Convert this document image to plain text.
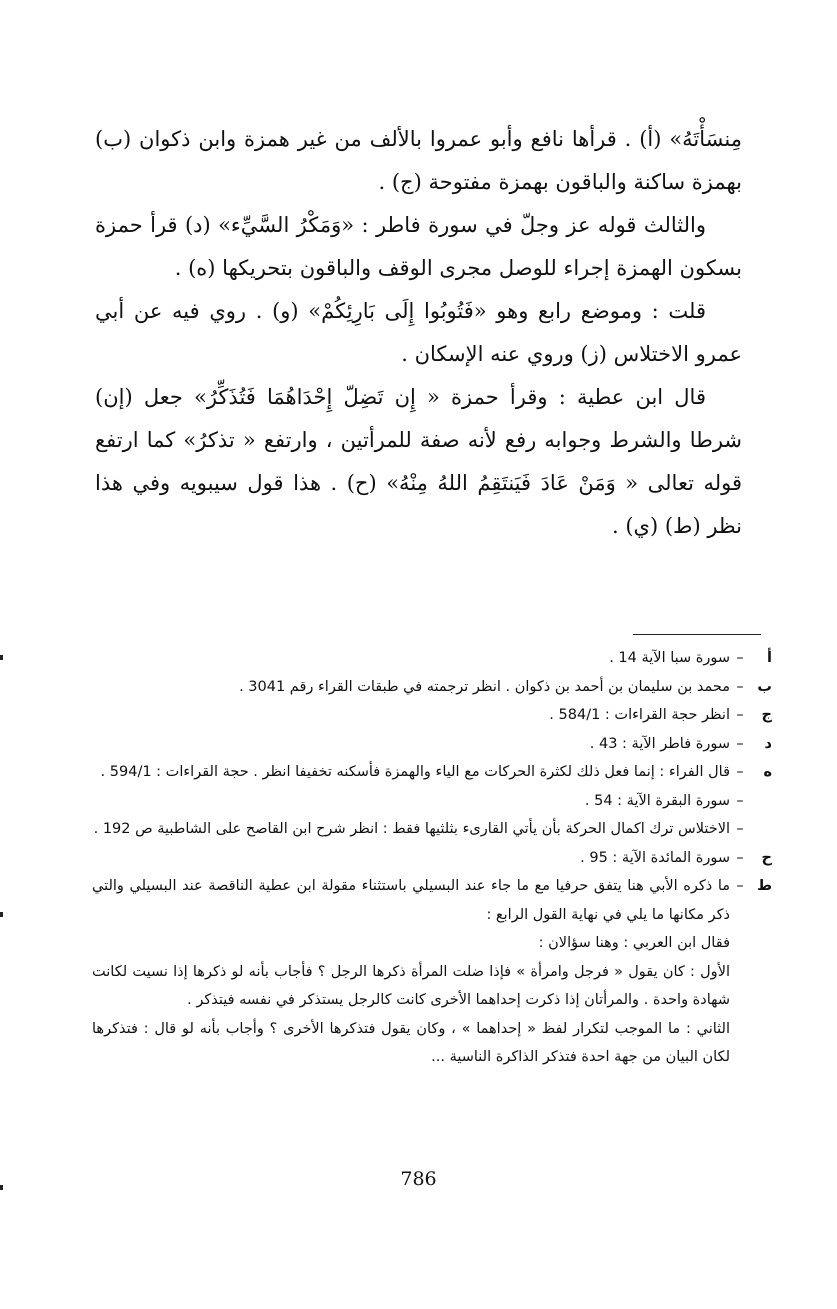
مِنسَأْتَهُ» (أ) . قرأها نافع وأبو عمروا بالألف من غير همزة وابن ذكوان (ب) بهمزة ساكنة والباقون بهمزة مفتوحة (ج) .

والثالث قوله عز وجلّ في سورة فاطر : «وَمَكْرُ السَّيِّء» (د) قرأ حمزة بسكون الهمزة إجراء للوصل مجرى الوقف والباقون بتحريكها (ه) .

قلت : وموضع رابع وهو «فَتُوبُوا إِلَى بَارِئِكُمْ» (و) . روي فيه عن أبي عمرو الاختلاس (ز) وروي عنه الإسكان .

قال ابن عطية : وقرأ حمزة « إِن تَضِلّ إِحْدَاهُمَا فَتُذَكِّرُ» جعل (إن) شرطا والشرط وجوابه رفع لأنه صفة للمرأتين ، وارتفع « تذكرُ» كما ارتفع قوله تعالى « وَمَنْ عَادَ فَيَنتَقِمُ اللهُ مِنْهُ» (ح) . هذا قول سيبويه وفي هذا نظر (ط) (ي) .

أ
–
سورة سبا الآية 14 .
ب
–
محمد بن سليمان بن أحمد بن ذكوان . انظر ترجمته في طبقات القراء رقم 3041 .
ج
–
انظر حجة القراءات : 584/1 .
د
–
سورة فاطر الآية : 43 .
ه
–
قال الفراء : إنما فعل ذلك لكثرة الحركات مع الياء والهمزة فأسكنه تخفيفا انظر . حجة القراءات : 594/1 .
–
سورة البقرة الآية : 54 .
–
الاختلاس ترك اكمال الحركة بأن يأتي القارىء بثلثيها فقط : انظر شرح ابن القاصح على الشاطبية ص 192 .
ح
–
سورة المائدة الآية : 95 .
ط
–
ما ذكره الأبي هنا يتفق حرفيا مع ما جاء عند البسيلي باستثناء مقولة ابن عطية الناقصة عند البسيلي والتي ذكر مكانها ما يلي في نهاية القول الرابع :
فقال ابن العربي : وهنا سؤالان :
الأول : كان يقول « فرجل وامرأة » فإذا ضلت المرأة ذكرها الرجل ؟ فأجاب بأنه لو ذكرها إذا نسيت لكانت شهادة واحدة . والمرأتان إذا ذكرت إحداهما الأخرى كانت كالرجل يستذكر في نفسه فيتذكر .
الثاني : ما الموجب لتكرار لفظ « إحداهما » ، وكان يقول فتذكرها الأخرى ؟ وأجاب بأنه لو قال : فتذكرها لكان البيان من جهة احدة فتذكر الذاكرة الناسية ...
786
